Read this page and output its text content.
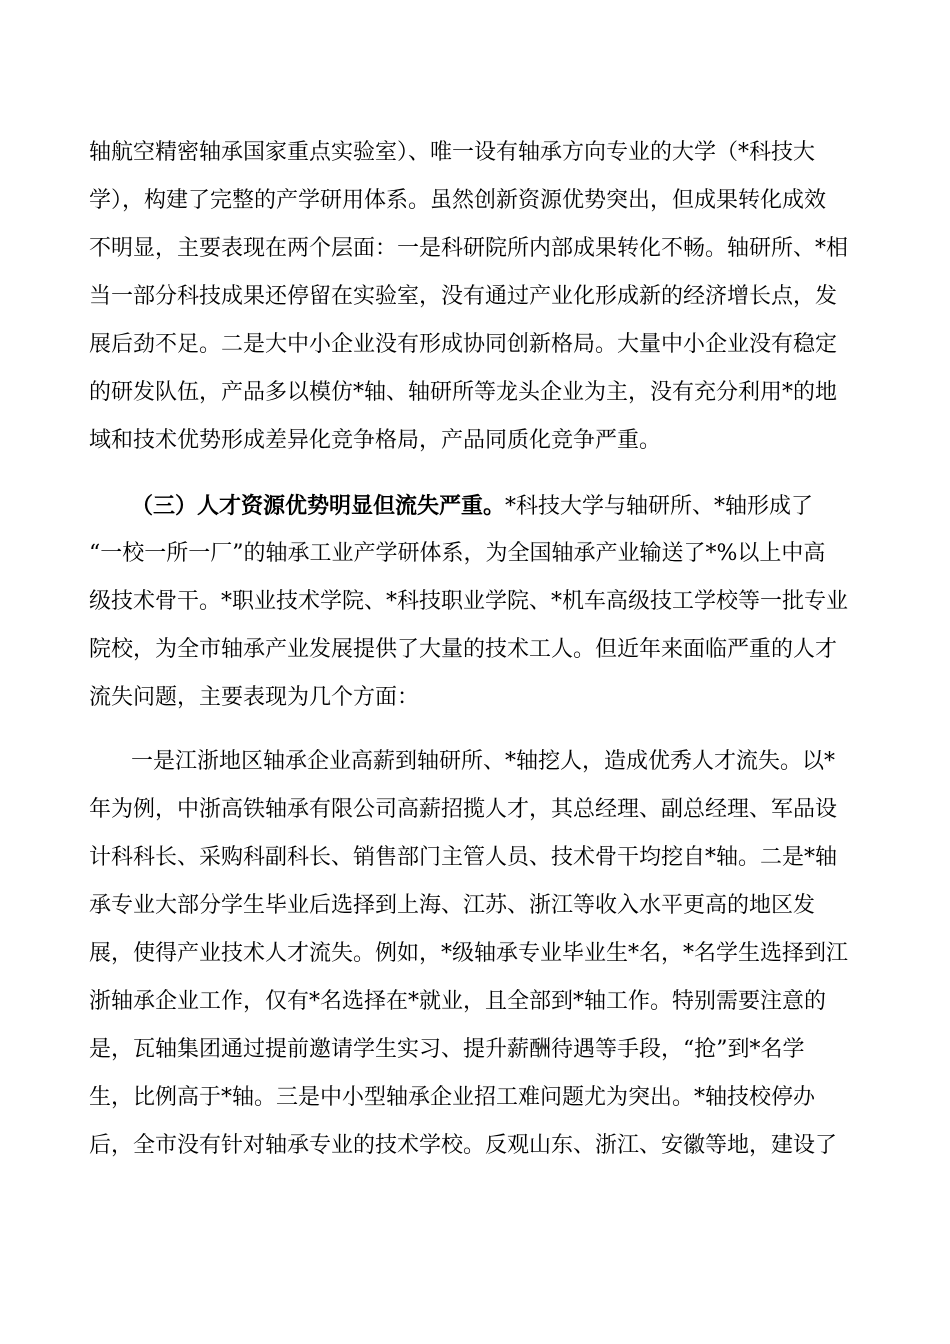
轴航空精密轴承国家重点实验室）、唯一设有轴承方向专业的大学（*科技大
学），构建了完整的产学研用体系。虽然创新资源优势突出，但成果转化成效
不明显，主要表现在两个层面：一是科研院所内部成果转化不畅。轴研所、*相
当一部分科技成果还停留在实验室，没有通过产业化形成新的经济增长点，发
展后劲不足。二是大中小企业没有形成协同创新格局。大量中小企业没有稳定
的研发队伍，产品多以模仿*轴、轴研所等龙头企业为主，没有充分利用*的地
域和技术优势形成差异化竞争格局，产品同质化竞争严重。
（三）人才资源优势明显但流失严重。*科技大学与轴研所、*轴形成了
“一校一所一厂”的轴承工业产学研体系，为全国轴承产业输送了*%以上中高
级技术骨干。*职业技术学院、*科技职业学院、*机车高级技工学校等一批专业
院校，为全市轴承产业发展提供了大量的技术工人。但近年来面临严重的人才
流失问题，主要表现为几个方面：
一是江浙地区轴承企业高薪到轴研所、*轴挖人，造成优秀人才流失。以*
年为例，中浙高铁轴承有限公司高薪招揽人才，其总经理、副总经理、军品设
计科科长、采购科副科长、销售部门主管人员、技术骨干均挖自*轴。二是*轴
承专业大部分学生毕业后选择到上海、江苏、浙江等收入水平更高的地区发
展，使得产业技术人才流失。例如，*级轴承专业毕业生*名，*名学生选择到江
浙轴承企业工作，仅有*名选择在*就业，且全部到*轴工作。特别需要注意的
是，瓦轴集团通过提前邀请学生实习、提升薪酬待遇等手段，“抢”到*名学
生，比例高于*轴。三是中小型轴承企业招工难问题尤为突出。*轴技校停办
后，全市没有针对轴承专业的技术学校。反观山东、浙江、安徽等地，建设了
